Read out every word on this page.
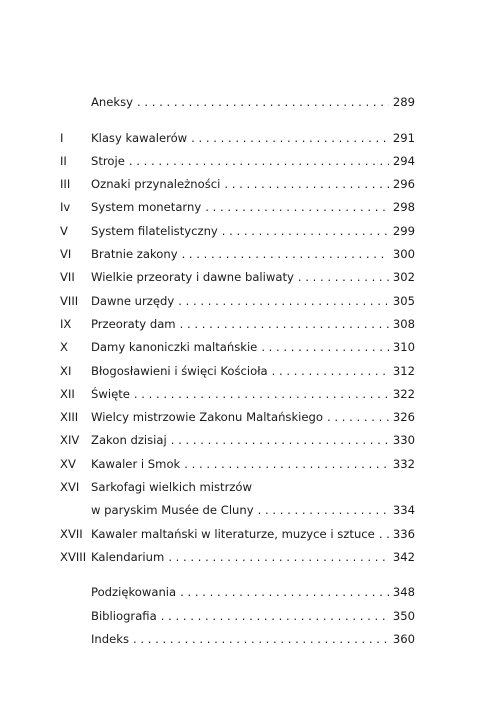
Aneksy . . .	289
I	Klasy kawalerów . . .	291
II	Stroje . . .	294
III	Oznaki przynależności . . .	296
Iv	System monetarny . . .	298
V	System filatelistyczny . . .	299
VI	Bratnie zakony . . .	300
VII	Wielkie przeoraty i dawne baliwaty . . .	302
VIII	Dawne urzędy . . .	305
IX	Przeoraty dam . . .	308
X	Damy kanoniczki maltańskie . . .	310
XI	Błogosławieni i święci Kościoła . . .	312
XII	Święte . . .	322
XIII	Wielcy mistrzowie Zakonu Maltańskiego . . .	326
XIV	Zakon dzisiaj . . .	330
XV	Kawaler i Smok . . .	332
XVI	Sarkofagi wielkich mistrzów
w paryskim Musée de Cluny . . .	334
XVII Kawaler maltański w literaturze, muzyce i sztuce . . . 336
XVIII Kalendarium . . .	342
Podziękowania . . .	348
Bibliografia . . .	350
Indeks . . .	360
